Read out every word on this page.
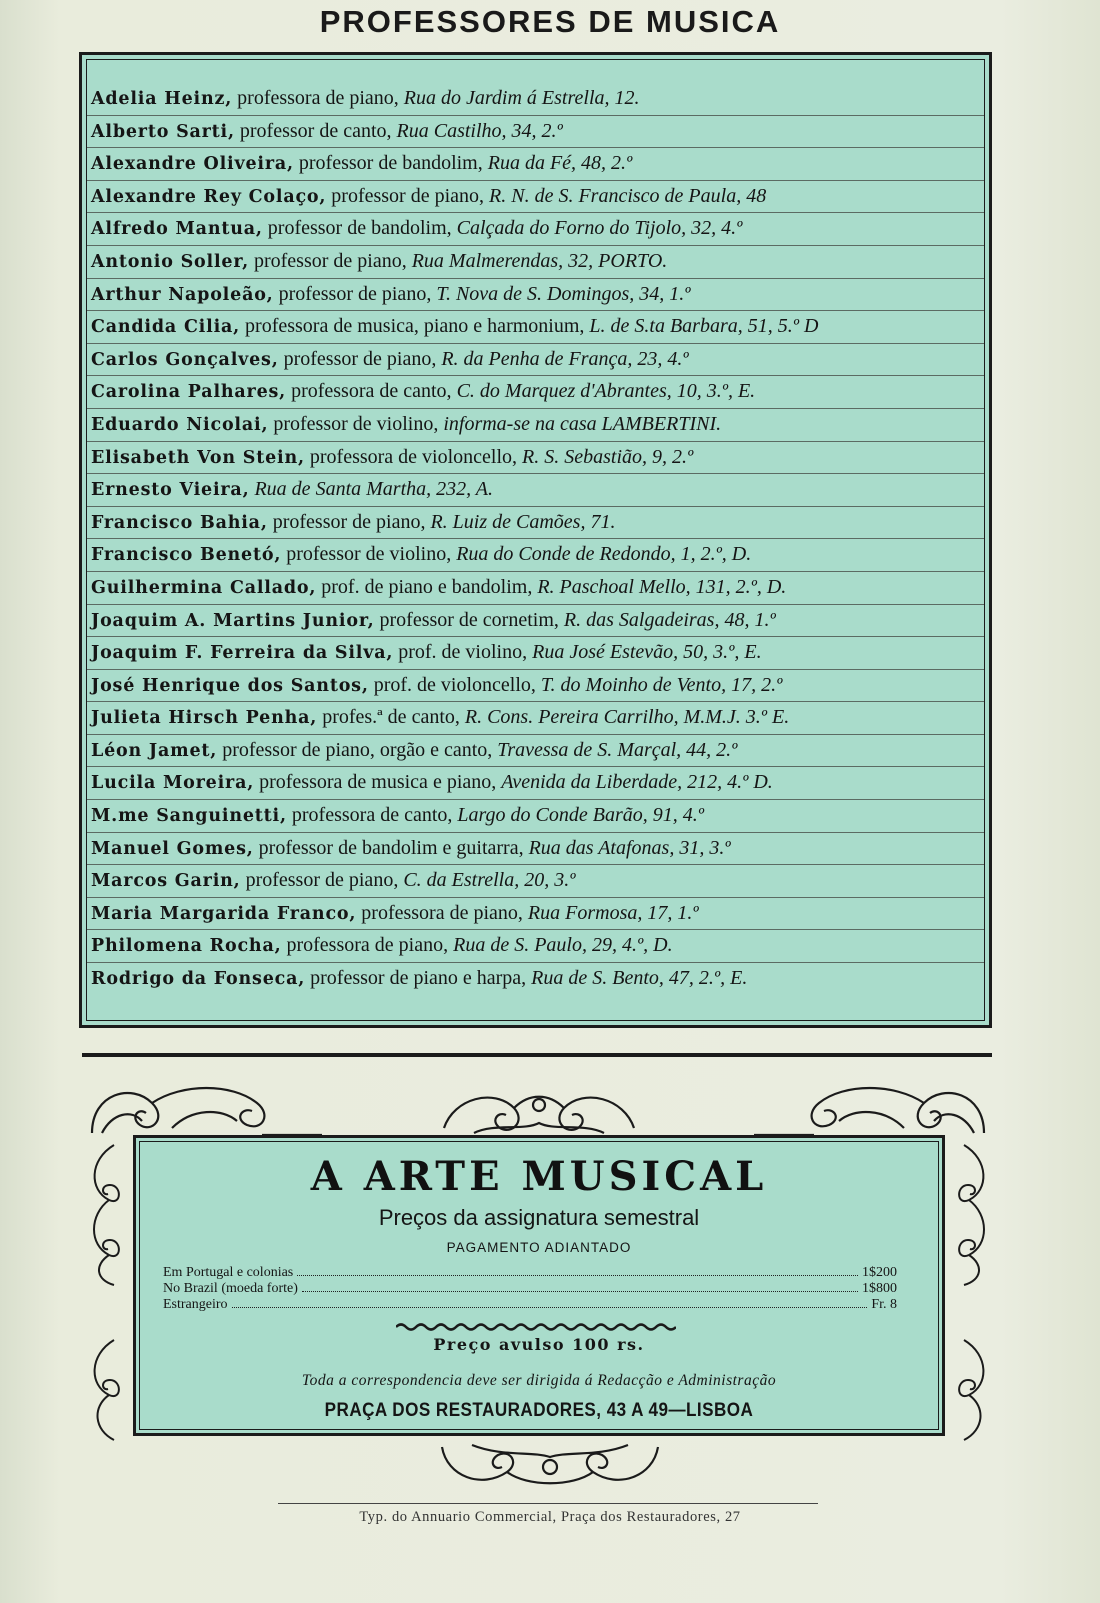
PROFESSORES DE MUSICA
Adelia Heinz, professora de piano, Rua do Jardim á Estrella, 12.
Alberto Sarti, professor de canto, Rua Castilho, 34, 2.º
Alexandre Oliveira, professor de bandolim, Rua da Fé, 48, 2.º
Alexandre Rey Colaço, professor de piano, R. N. de S. Francisco de Paula, 48
Alfredo Mantua, professor de bandolim, Calçada do Forno do Tijolo, 32, 4.º
Antonio Soller, professor de piano, Rua Malmerendas, 32, PORTO.
Arthur Napoleão, professor de piano, T. Nova de S. Domingos, 34, 1.º
Candida Cilia, professora de musica, piano e harmonium, L. de S.ta Barbara, 51, 5.º D
Carlos Gonçalves, professor de piano, R. da Penha de França, 23, 4.º
Carolina Palhares, professora de canto, C. do Marquez d'Abrantes, 10, 3.º, E.
Eduardo Nicolai, professor de violino, informa-se na casa LAMBERTINI.
Elisabeth Von Stein, professora de violoncello, R. S. Sebastião, 9, 2.º
Ernesto Vieira, Rua de Santa Martha, 232, A.
Francisco Bahia, professor de piano, R. Luiz de Camões, 71.
Francisco Benetó, professor de violino, Rua do Conde de Redondo, 1, 2.º, D.
Guilhermina Callado, prof. de piano e bandolim, R. Paschoal Mello, 131, 2.º, D.
Joaquim A. Martins Junior, professor de cornetim, R. das Salgadeiras, 48, 1.º
Joaquim F. Ferreira da Silva, prof. de violino, Rua José Estevão, 50, 3.º, E.
José Henrique dos Santos, prof. de violoncello, T. do Moinho de Vento, 17, 2.º
Julieta Hirsch Penha, profes.ª de canto, R. Cons. Pereira Carrilho, M.M.J. 3.º E.
Léon Jamet, professor de piano, orgão e canto, Travessa de S. Marçal, 44, 2.º
Lucila Moreira, professora de musica e piano, Avenida da Liberdade, 212, 4.º D.
M.me Sanguinetti, professora de canto, Largo do Conde Barão, 91, 4.º
Manuel Gomes, professor de bandolim e guitarra, Rua das Atafonas, 31, 3.º
Marcos Garin, professor de piano, C. da Estrella, 20, 3.º
Maria Margarida Franco, professora de piano, Rua Formosa, 17, 1.º
Philomena Rocha, professora de piano, Rua de S. Paulo, 29, 4.º, D.
Rodrigo da Fonseca, professor de piano e harpa, Rua de S. Bento, 47, 2.º, E.
A ARTE MUSICAL
Preços da assignatura semestral
PAGAMENTO ADIANTADO
Em Portugal e colonias	1$200
No Brazil (moeda forte)	1$800
Estrangeiro	Fr. 8
Preço avulso 100 rs.
Toda a correspondencia deve ser dirigida á Redacção e Administração
PRAÇA DOS RESTAURADORES, 43 A 49—LISBOA
Typ. do Annuario Commercial, Praça dos Restauradores, 27
